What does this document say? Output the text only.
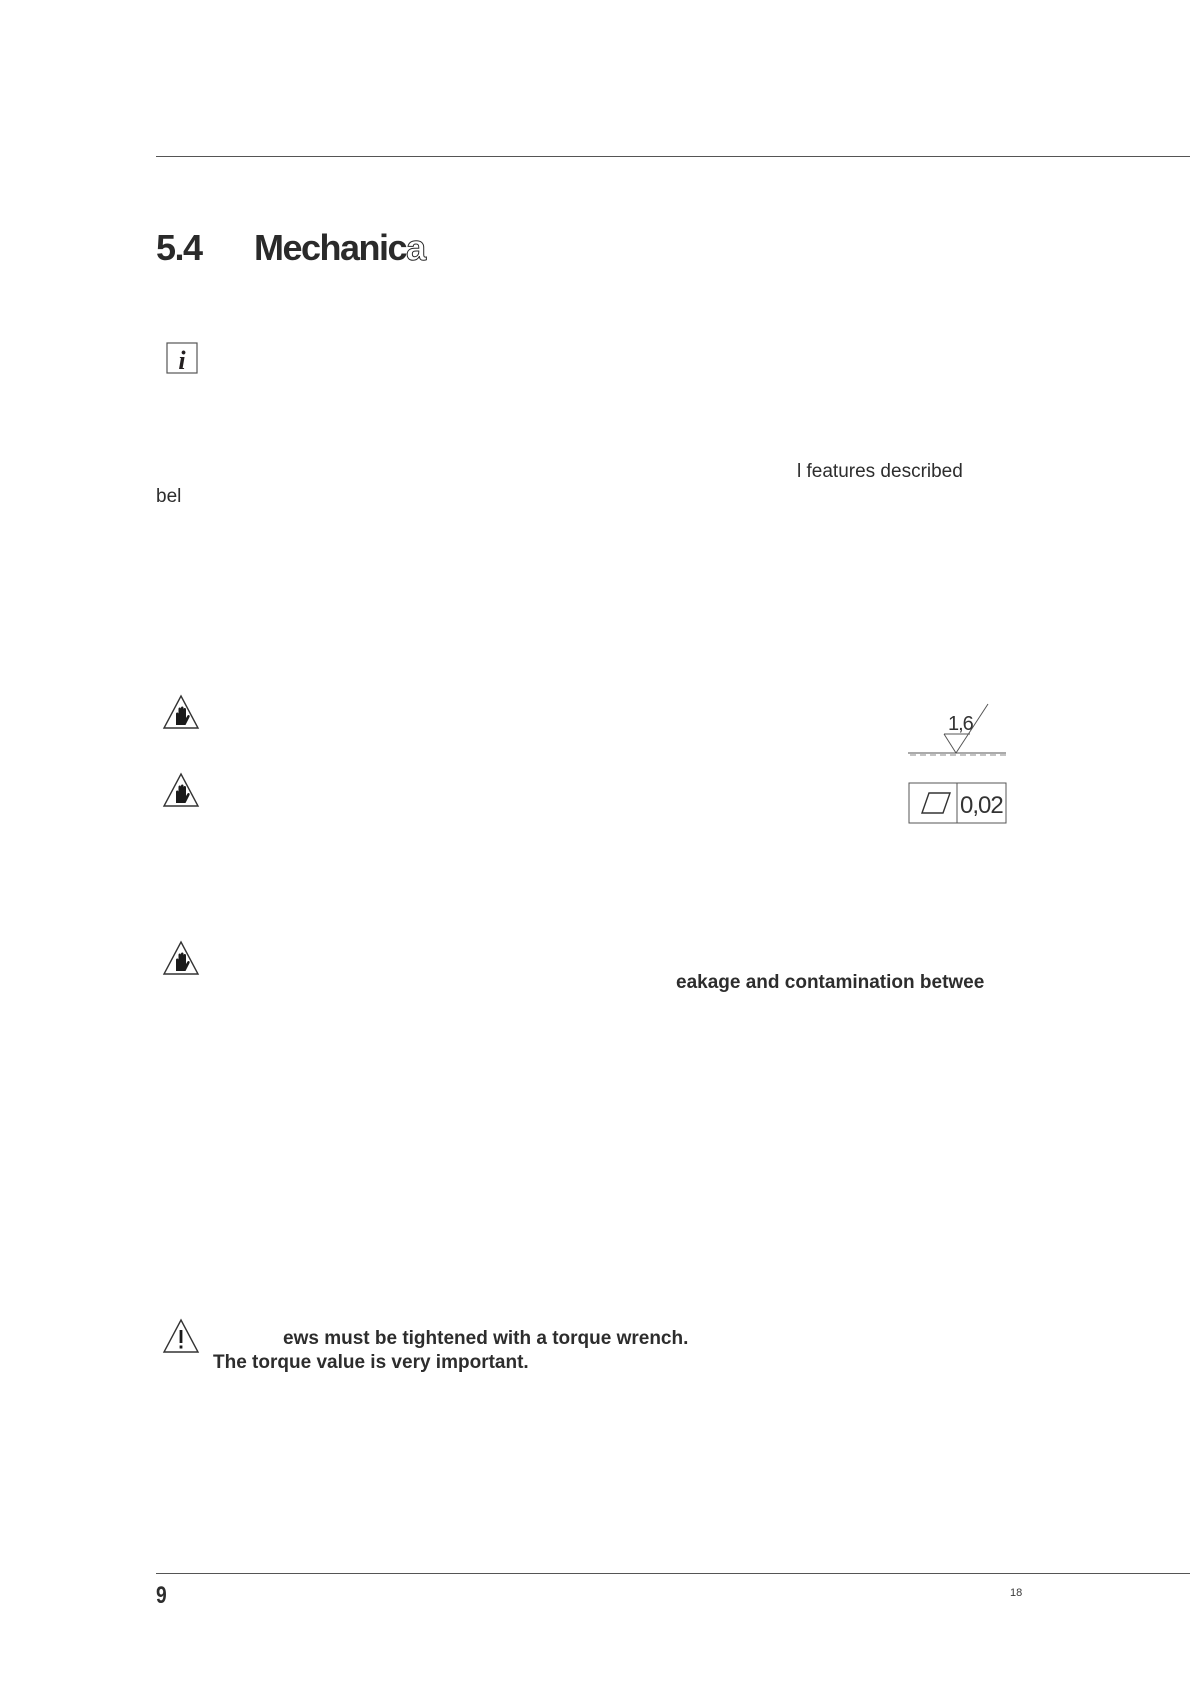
5.4 Mechanica
i
l features described
bel
1,6
0,02
eakage and contamination betwee
ews must be tightened with a torque wrench.
The torque value is very important.
9	18
